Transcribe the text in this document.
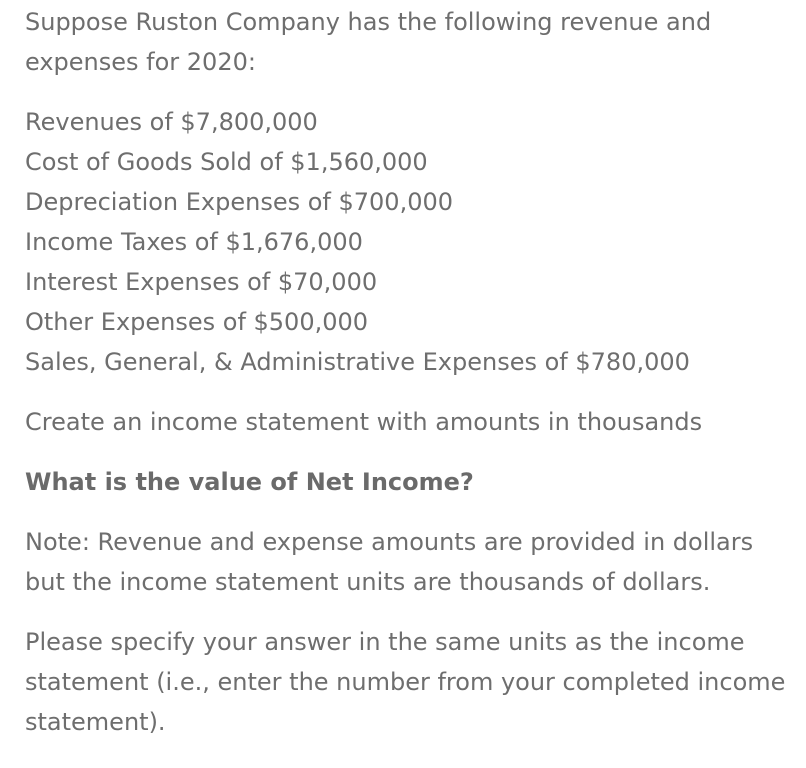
Suppose Ruston Company has the following revenue and expenses for 2020:

Revenues of $7,800,000
Cost of Goods Sold of $1,560,000
Depreciation Expenses of $700,000
Income Taxes of $1,676,000
Interest Expenses of $70,000
Other Expenses of $500,000
Sales, General, & Administrative Expenses of $780,000

Create an income statement with amounts in thousands

What is the value of Net Income?

Note: Revenue and expense amounts are provided in dollars but the income statement units are thousands of dollars.

Please specify your answer in the same units as the income statement (i.e., enter the number from your completed income statement).
